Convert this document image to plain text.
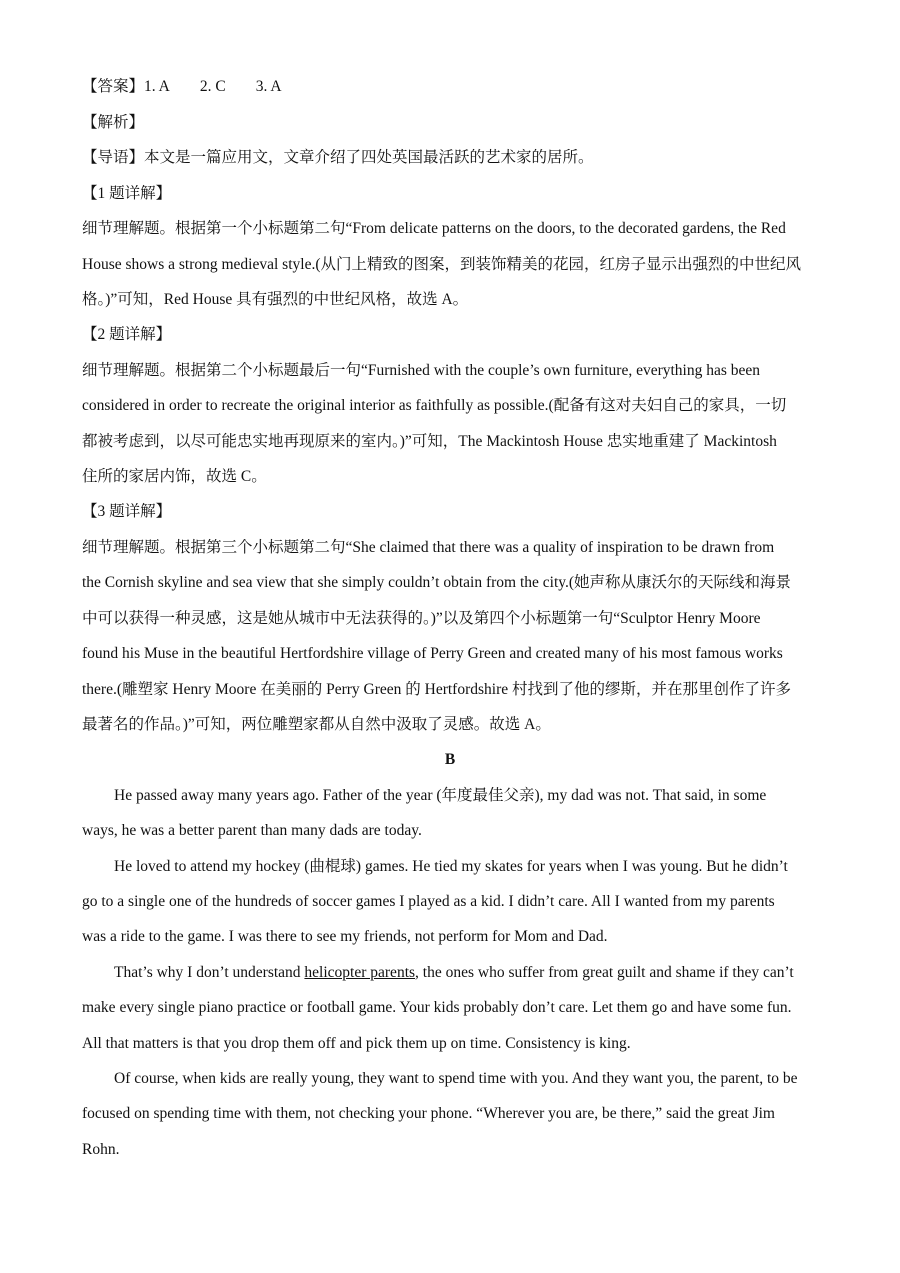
【答案】1. A 2. C 3. A
【解析】
【导语】本文是一篇应用文，文章介绍了四处英国最活跃的艺术家的居所。
【1 题详解】
细节理解题。根据第一个小标题第二句“From delicate patterns on the doors, to the decorated gardens, the Red
House shows a strong medieval style.(从门上精致的图案，到装饰精美的花园，红房子显示出强烈的中世纪风
格。)”可知，Red House 具有强烈的中世纪风格，故选 A。
【2 题详解】
细节理解题。根据第二个小标题最后一句“Furnished with the couple’s own furniture, everything has been
considered in order to recreate the original interior as faithfully as possible.(配备有这对夫妇自己的家具，一切
都被考虑到，以尽可能忠实地再现原来的室内。)”可知，The Mackintosh House 忠实地重建了 Mackintosh
住所的家居内饰，故选 C。
【3 题详解】
细节理解题。根据第三个小标题第二句“She claimed that there was a quality of inspiration to be drawn from
the Cornish skyline and sea view that she simply couldn’t obtain from the city.(她声称从康沃尔的天际线和海景
中可以获得一种灵感，这是她从城市中无法获得的。)”以及第四个小标题第一句“Sculptor Henry Moore
found his Muse in the beautiful Hertfordshire village of Perry Green and created many of his most famous works
there.(雕塑家 Henry Moore 在美丽的 Perry Green 的 Hertfordshire 村找到了他的缪斯，并在那里创作了许多
最著名的作品。)”可知，两位雕塑家都从自然中汲取了灵感。故选 A。
B
He passed away many years ago. Father of the year (年度最佳父亲), my dad was not. That said, in some
ways, he was a better parent than many dads are today.
He loved to attend my hockey (曲棍球) games. He tied my skates for years when I was young. But he didn’t
go to a single one of the hundreds of soccer games I played as a kid. I didn’t care. All I wanted from my parents
was a ride to the game. I was there to see my friends, not perform for Mom and Dad.
That’s why I don’t understand helicopter parents, the ones who suffer from great guilt and shame if they can’t
make every single piano practice or football game. Your kids probably don’t care. Let them go and have some fun.
All that matters is that you drop them off and pick them up on time. Consistency is king.
Of course, when kids are really young, they want to spend time with you. And they want you, the parent, to be
focused on spending time with them, not checking your phone. “Wherever you are, be there,” said the great Jim
Rohn.
